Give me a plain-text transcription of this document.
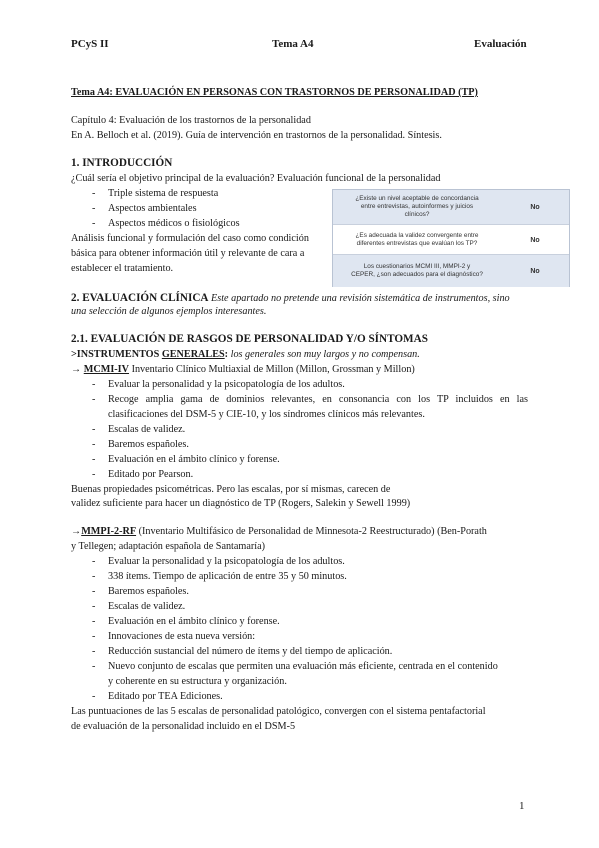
PCyS II	Tema A4	Evaluación
Tema A4: EVALUACIÓN EN PERSONAS CON TRASTORNOS DE PERSONALIDAD (TP)
Capítulo 4: Evaluación de los trastornos de la personalidad
En A. Belloch et al. (2019). Guía de intervención en trastornos de la personalidad. Síntesis.
1. INTRODUCCIÓN
¿Cuál sería el objetivo principal de la evaluación? Evaluación funcional de la personalidad
- Triple sistema de respuesta
- Aspectos ambientales
- Aspectos médicos o fisiológicos
Análisis funcional y formulación del caso como condición
básica para obtener información útil y relevante de cara a
establecer el tratamiento.
¿Existe un nivel aceptable de concordancia
entre entrevistas, autoinformes y juicios
clínicos?
No
¿Es adecuada la validez convergente entre
diferentes entrevistas que evalúan los TP?	No
Los cuestionarios MCMI III, MMPI-2 y
CEPER, ¿son adecuados para el diagnóstico?	No
2. EVALUACIÓN CLÍNICA Este apartado no pretende una revisión sistemática de instrumentos, sino
una selección de algunos ejemplos interesantes.
2.1. EVALUACIÓN DE RASGOS DE PERSONALIDAD Y/O SÍNTOMAS
>INSTRUMENTOS GENERALES: los generales son muy largos y no compensan.
→ MCMI-IV Inventario Clínico Multiaxial de Millon (Millon, Grossman y Millon)
- Evaluar la personalidad y la psicopatología de los adultos.
- Recoge amplia gama de dominios relevantes, en consonancia con los TP incluidos en las
clasificaciones del DSM-5 y CIE-10, y los síndromes clínicos más relevantes.
- Escalas de validez.
- Baremos españoles.
- Evaluación en el ámbito clínico y forense.
- Editado por Pearson.
Buenas propiedades psicométricas. Pero las escalas, por sí mismas, carecen de
validez suficiente para hacer un diagnóstico de TP (Rogers, Salekin y Sewell 1999)
→MMPI-2-RF (Inventario Multifásico de Personalidad de Minnesota-2 Reestructurado) (Ben-Porath
y Tellegen; adaptación española de Santamaría)
- Evaluar la personalidad y la psicopatología de los adultos.
- 338 ítems. Tiempo de aplicación de entre 35 y 50 minutos.
- Baremos españoles.
- Escalas de validez.
- Evaluación en el ámbito clínico y forense.
- Innovaciones de esta nueva versión:
- Reducción sustancial del número de ítems y del tiempo de aplicación.
- Nuevo conjunto de escalas que permiten una evaluación más eficiente, centrada en el contenido
y coherente en su estructura y organización.
- Editado por TEA Ediciones.
Las puntuaciones de las 5 escalas de personalidad patológico, convergen con el sistema pentafactorial
de evaluación de la personalidad incluido en el DSM-5
1
